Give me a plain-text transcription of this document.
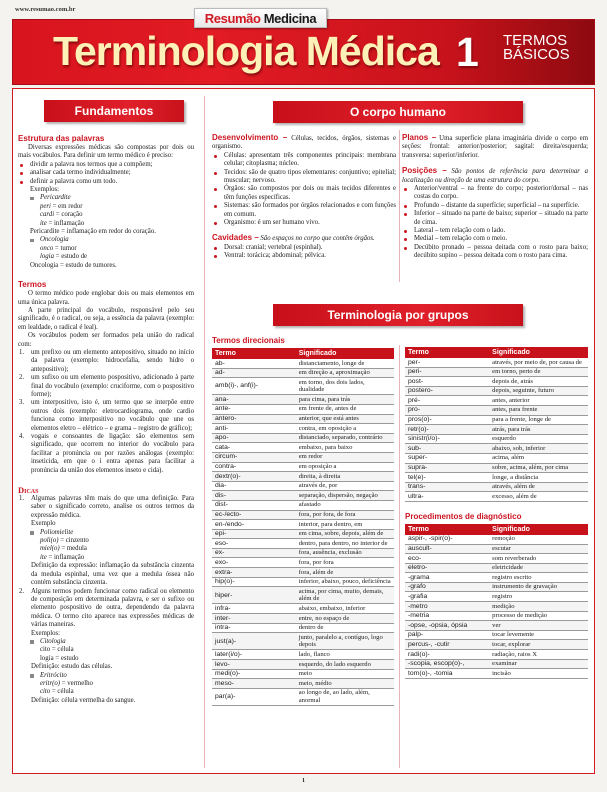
www.resumao.com.br
Resumão Medicina
Terminologia Médica 1 TERMOS
BÁSICOS
Fundamentos
Estrutura das palavras
Diversas expressões médicas são compostas por dois ou mais vocábulos. Para definir um termo médico é preciso:
dividir a palavra nos termos que a compõem;
analisar cada termo individualmente;
definir a palavra como um todo.
Exemplos:
Pericardite
peri = em redor
cardi = coração
ite = inflamação
Pericardite = inflamação em redor do coração.
Oncologia
onco = tumor
logia = estudo de
Oncologia = estudo de tumores.
Termos
O termo médico pode englobar dois ou mais elementos em uma única palavra.
A parte principal do vocábulo, responsável pelo seu significado, é o radical, ou seja, a essência da palavra (exemplo: em lealdade, o radical é leal).
Os vocábulos podem ser formados pela união do radical com:
1. um prefixo ou um elemento antepositivo, situado no início da palavra (exemplo: hidrocefalia, sendo hidro o antepositivo);
2. um sufixo ou um elemento pospositivo, adicionado à parte final do vocábulo (exemplo: cruciforme, com o pospositivo forme);
3. um interpositivo, isto é, um termo que se interpõe entre outros dois (exemplo: eletrocardiograma, onde cardio funciona como interpositivo no vocábulo que une os elementos eletro – elétrico – e grama – registro de gráfico);
4. vogais e consoantes de ligação: são elementos sem significado, que ocorrem no interior do vocábulo para facilitar a pronúncia ou por razões análogas (exemplo: inseticida, em que o i entra apenas para facilitar a pronúncia da união dos elementos inseto e cida).
Dicas
1. Algumas palavras têm mais do que uma definição. Para saber o significado correto, analise os outros termos da expressão médica.
Exemplo
Poliomielite
poli(o) = cinzento
miel(o) = medula
ite = inflamação
Definição da expressão: inflamação da substância cinzenta da medula espinhal, uma vez que a medula óssea não contém substância cinzenta.
2. Alguns termos podem funcionar como radical ou elemento de composição em determinada palavra, e ser o sufixo ou elemento pospositivo de outra, dependendo da palavra médica. O termo cito aparece nas expressões médicas de várias maneiras.
Exemplos:
Citologia
cito = célula
logia = estudo
Definição: estudo das células.
Eritrócito
eritr(o) = vermelho
cito = célula
Definição: célula vermelha do sangue.
O corpo humano
Desenvolvimento – Células, tecidos, órgãos, sistemas e organismo.
Células: apresentam três componentes principais: membrana celular; citoplasma; núcleo.
Tecidos: são de quatro tipos elementares: conjuntivo; epitelial; muscular; nervoso.
Órgãos: são compostos por dois ou mais tecidos diferentes e têm funções específicas.
Sistemas: são formados por órgãos relacionados e com funções em comum.
Organismo: é um ser humano vivo.
Cavidades – São espaços no corpo que contêm órgãos.
Dorsal: cranial; vertebral (espinhal).
Ventral: torácica; abdominal; pélvica.
Planos – Uma superfície plana imaginária divide o corpo em seções: frontal: anterior/posterior; sagital: direita/esquerda; transversa: superior/inferior.
Posições – São pontos de referência para determinar a localização ou direção de uma estrutura do corpo.
Anterior/ventral – na frente do corpo; posterior/dorsal – nas costas do corpo.
Profundo – distante da superfície; superficial – na superfície.
Inferior – situado na parte de baixo; superior – situado na parte de cima.
Lateral – tem relação com o lado.
Medial – tem relação com o meio.
Decúbito pronado – pessoa deitada com o rosto para baixo; decúbito supino – pessoa deitada com o rosto para cima.
Terminologia por grupos
Termos direcionais
Termo	Significado
ab-	distanciamento, longe de
ad-	em direção a, aproximação
amb(i)-, anf(i)-	em torno, dos dois lados, dualidade
ana-	para cima, para trás
ante-	em frente de, antes de
antero-	anterior, que está antes
anti-	contra, em oposição a
apo-	distanciado, separado, contrário
cata-	embaixo, para baixo
circum-	em redor
contra-	em oposição a
dextr(o)-	direita, à direita
dia-	através de, por
dis-	separação, dispersão, negação
dist-	afastado
ec-/ecto-	fora, por fora, de fora
en-/endo-	interior, para dentro, em
epi-	em cima, sobre, depois, além de
eso-	dentro, para dentro, no interior de
ex-	fora, ausência, exclusão
exo-	fora, por fora
extra-	fora, além de
hip(o)-	inferior, abaixo, pouco, deficiência
hiper-	acima, por cima, muito, demais, além de
infra-	abaixo, embaixo, inferior
inter-	entre, no espaço de
intra-	dentro de
just(a)-	junto, paralelo a, contíguo, logo depois
later(i/o)-	lado, flanco
levo-	esquerdo, do lado esquerdo
medi(o)-	meio
meso-	meio, médio
par(a)-	ao longo de, ao lado, além, anormal
Termo	Significado
per-	através, por meio de, por causa de
peri-	em torno, perto de
post-	depois de, atrás
postero-	depois, seguinte, futuro
pré-	antes, anterior
pro-	antes, para frente
pros(o)-	para a frente, longe de
retr(o)-	atrás, para trás
sinistr(i/o)-	esquerdo
sub-	abaixo, sob, inferior
super-	acima, além
supra-	sobre, acima, além, por cima
tel(e)-	longe, a distância
trans-	através, além de
ultra-	excesso, além de
Procedimentos de diagnóstico
Termo	Significado
aspir-, -spir(o)-	remoção
auscult-	escutar
eco-	som reverberado
eletro-	eletricidade
-grama	registro escrito
-grafo	instrumento de gravação
-grafia	registro
-metro	medição
-metria	processo de medição
-opse, -opsia, ópsia	ver
palp-	tocar levemente
percus-, -cutir	tocar, explorar
radi(o)-	radiação, raios X
-scopia, escop(o)-,	examinar
tom(o)-, -tomia	incisão
1
